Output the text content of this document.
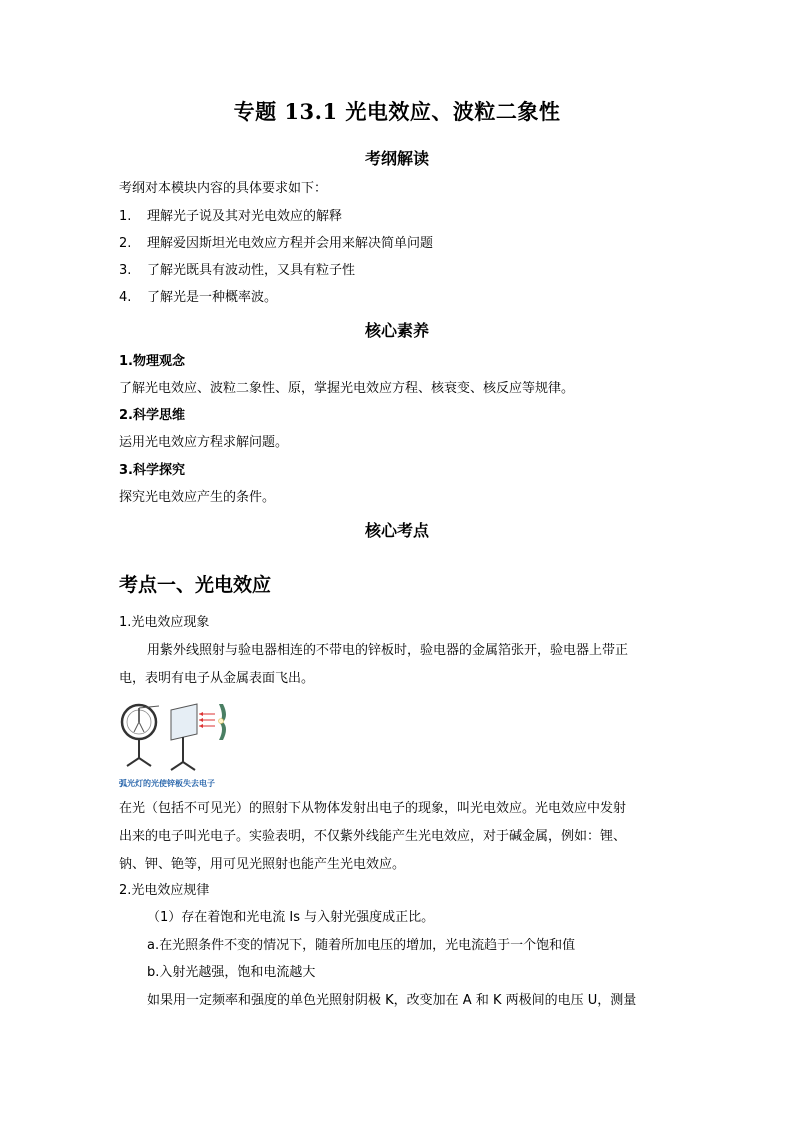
专题 13.1 光电效应、波粒二象性
考纲解读
考纲对本模块内容的具体要求如下：
1. 理解光子说及其对光电效应的解释
2. 理解爱因斯坦光电效应方程并会用来解决简单问题
3. 了解光既具有波动性，又具有粒子性
4. 了解光是一种概率波。
核心素养
1.物理观念
了解光电效应、波粒二象性、原，掌握光电效应方程、核衰变、核反应等规律。
2.科学思维
运用光电效应方程求解问题。
3.科学探究
探究光电效应产生的条件。
核心考点
考点一、光电效应
1.光电效应现象
用紫外线照射与验电器相连的不带电的锌板时，验电器的金属箔张开，验电器上带正
电，表明有电子从金属表面飞出。
弧光灯的光使锌板失去电子
在光（包括不可见光）的照射下从物体发射出电子的现象，叫光电效应。光电效应中发射
出来的电子叫光电子。实验表明，不仅紫外线能产生光电效应，对于碱金属，例如：锂、
钠、钾、铯等，用可见光照射也能产生光电效应。
2.光电效应规律
（1）存在着饱和光电流 Is 与入射光强度成正比。
a.在光照条件不变的情况下，随着所加电压的增加，光电流趋于一个饱和值
b.入射光越强，饱和电流越大
如果用一定频率和强度的单色光照射阴极 K，改变加在 A 和 K 两极间的电压 U，测量
